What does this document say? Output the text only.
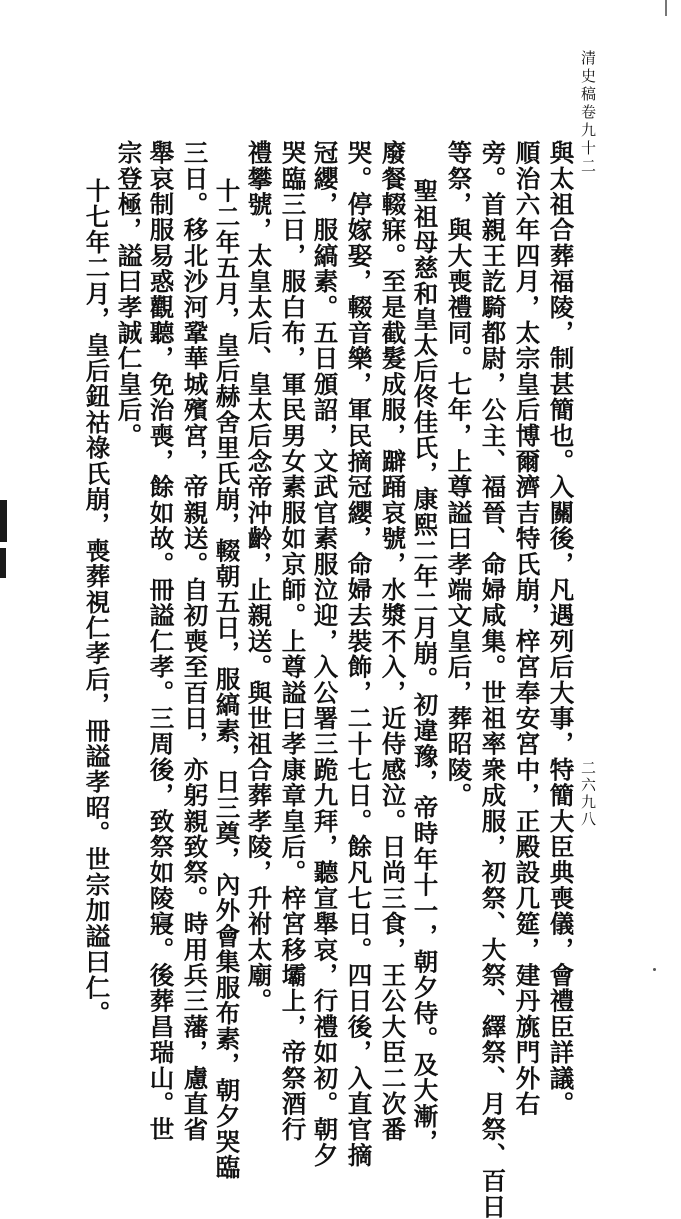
清史稿卷九十二
二六九八
與太祖合葬福陵，制甚簡也。入關後，凡遇列后大事，特簡大臣典喪儀，會禮臣詳議。
順治六年四月，太宗皇后博爾濟吉特氏崩，梓宮奉安宮中，正殿設几筵，建丹旐門外右
旁。首親王訖騎都尉，公主、福晉、命婦咸集。世祖率衆成服，初祭、大祭、繹祭、月祭、百日
等祭，與大喪禮同。七年，上尊謚曰孝端文皇后，葬昭陵。
聖祖母慈和皇太后佟佳氏，康熙二年二月崩。初違豫，帝時年十一，朝夕侍。及大漸，
廢餐輟寐。至是截髮成服，躃踊哀號，水漿不入，近侍感泣。日尚三食，王公大臣二次番
哭。停嫁娶，輟音樂，軍民摘冠纓，命婦去裝飾，二十七日。餘凡七日。四日後，入直官摘
冠纓，服縞素。五日頒詔，文武官素服泣迎，入公署三跪九拜，聽宣舉哀，行禮如初。朝夕
哭臨三日，服白布，軍民男女素服如京師。上尊謚曰孝康章皇后。梓宮移壩上，帝祭酒行
禮攀號，太皇太后、皇太后念帝沖齡，止親送。與世祖合葬孝陵，升祔太廟。
十二年五月，皇后赫舍里氏崩，輟朝五日，服縞素，日三奠，內外會集服布素，朝夕哭臨
三日。移北沙河鞏華城殯宮，帝親送。自初喪至百日，亦躬親致祭。時用兵三藩，慮直省
舉哀制服易惑觀聽，免治喪，餘如故。冊謚仁孝。三周後，致祭如陵寢。後葬昌瑞山。世
宗登極，謚曰孝誠仁皇后。
十七年二月，皇后鈕祜祿氏崩，喪葬視仁孝后，冊謚孝昭。世宗加謚曰仁。
